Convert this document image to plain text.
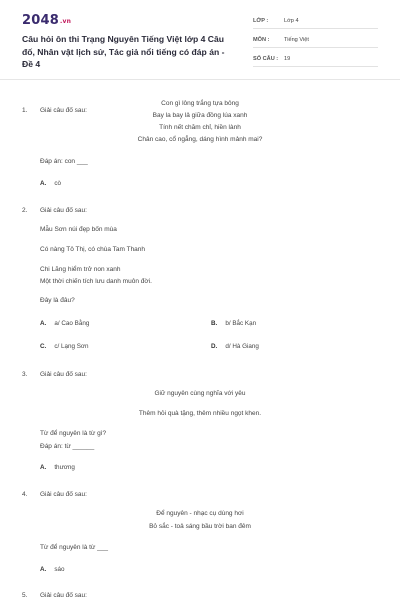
2048.vn
Câu hỏi ôn thi Trạng Nguyên Tiếng Việt lớp 4 Câu đố, Nhân vật lịch sử, Tác giả nổi tiếng có đáp án - Đề 4
LỚP :	Lớp 4
MÔN :	Tiếng Việt
SỐ CÂU :	19
1. Giải câu đố sau:
Con gì lông trắng tựa bông
Bay la bay lả giữa đồng lúa xanh
Tính nết chăm chỉ, hiền lành
Chân cao, cổ ngẳng, dáng hình mảnh mai?
Đáp án: con ___
A. cò
2. Giải câu đố sau:
Mẫu Sơn núi đẹp bốn mùa
Có nàng Tô Thị, có chùa Tam Thanh
Chi Lăng hiểm trở non xanh
Một thời chiến tích lưu danh muôn đời.
Đây là đâu?
A. a/ Cao Bằng	B. b/ Bắc Kạn
C. c/ Lạng Sơn	D. d/ Hà Giang
3. Giải câu đố sau:
Giữ nguyên cùng nghĩa với yêu
Thêm hỏi quà tặng, thêm nhiều ngọt khen.
Từ để nguyên là từ gì?
Đáp án: từ ______
A. thương
4. Giải câu đố sau:
Để nguyên - nhạc cụ dùng hơi
Bỏ sắc - toả sáng bầu trời ban đêm
Từ để nguyên là từ ___
A. sáo
5. Giải câu đố sau:
